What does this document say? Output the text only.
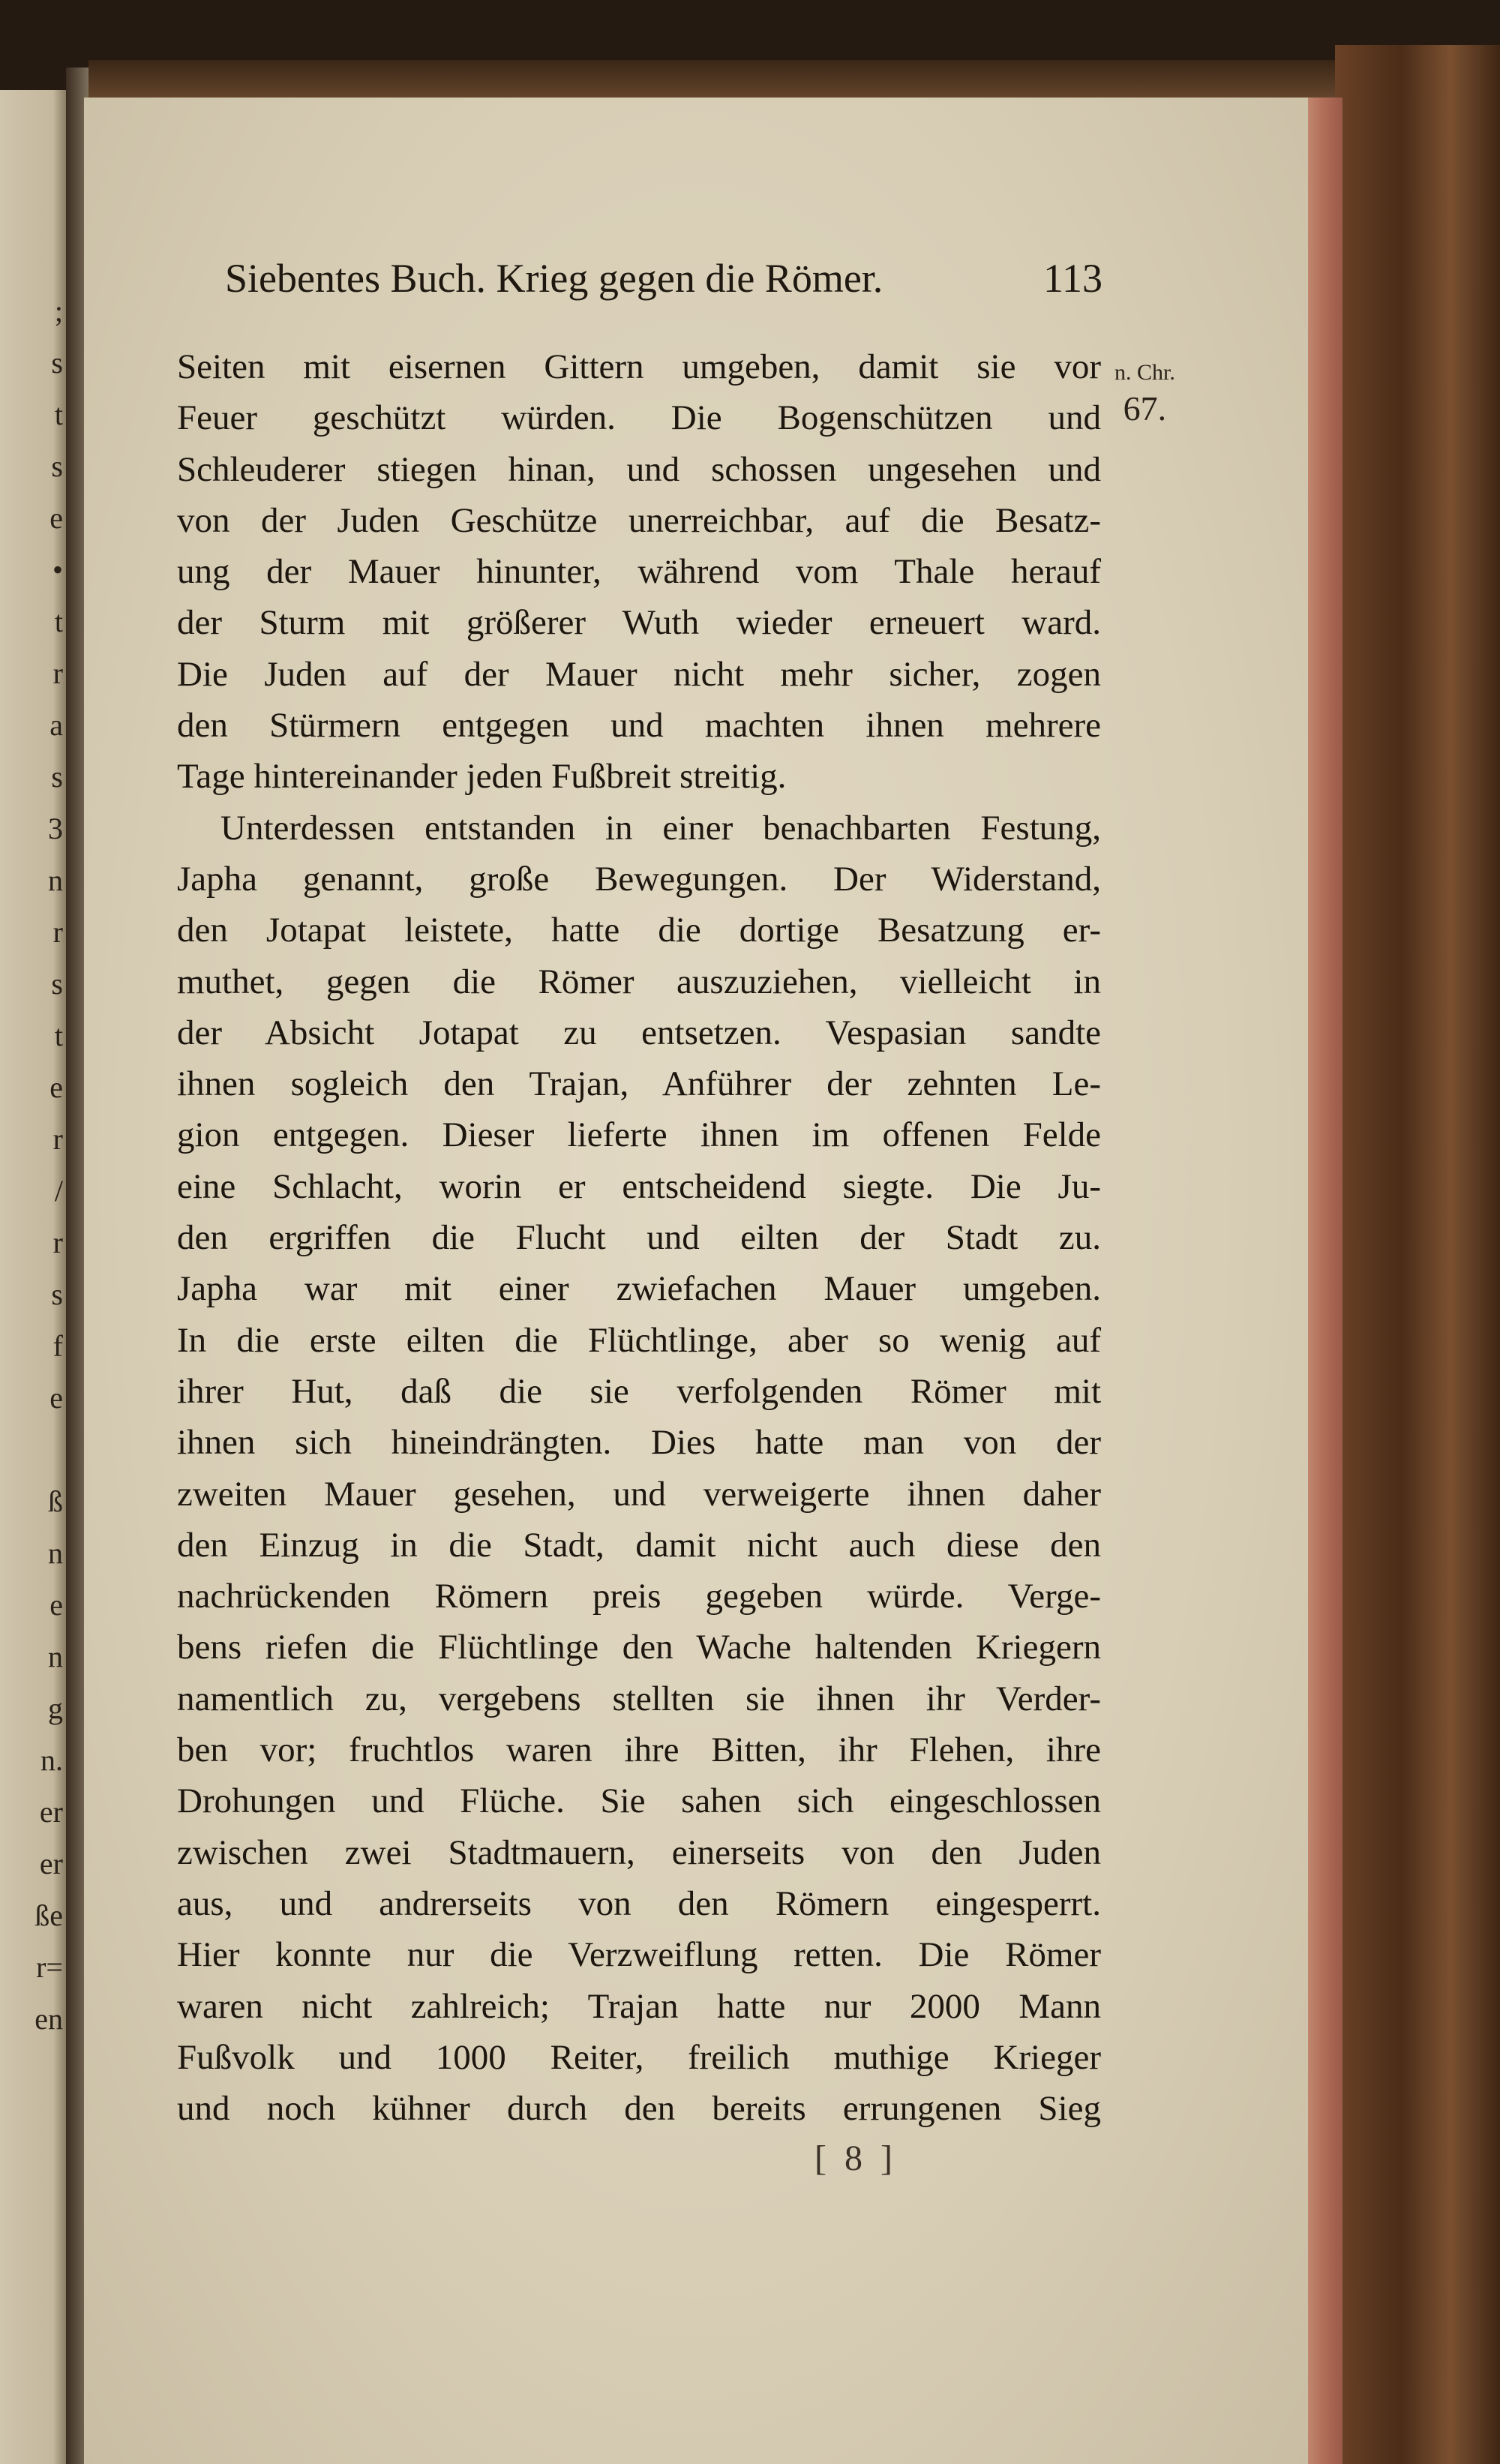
;
s
t
s
e
•
t
r
a
s
3
n
r
s
t
e
r
/
r
s
f
e
ß
n
e
n
g
n.
er
er
ße
r=
en
Siebentes Buch. Krieg gegen die Römer.	113
n. Chr.
67.
Seiten mit eisernen Gittern umgeben, damit sie vor
Feuer geschützt würden. Die Bogenschützen und
Schleuderer stiegen hinan, und schossen ungesehen und
von der Juden Geschütze unerreichbar, auf die Besatz-
ung der Mauer hinunter, während vom Thale herauf
der Sturm mit größerer Wuth wieder erneuert ward.
Die Juden auf der Mauer nicht mehr sicher, zogen
den Stürmern entgegen und machten ihnen mehrere
Tage hintereinander jeden Fußbreit streitig.
Unterdessen entstanden in einer benachbarten Festung,
Japha genannt, große Bewegungen. Der Widerstand,
den Jotapat leistete, hatte die dortige Besatzung er-
muthet, gegen die Römer auszuziehen, vielleicht in
der Absicht Jotapat zu entsetzen. Vespasian sandte
ihnen sogleich den Trajan, Anführer der zehnten Le-
gion entgegen. Dieser lieferte ihnen im offenen Felde
eine Schlacht, worin er entscheidend siegte. Die Ju-
den ergriffen die Flucht und eilten der Stadt zu.
Japha war mit einer zwiefachen Mauer umgeben.
In die erste eilten die Flüchtlinge, aber so wenig auf
ihrer Hut, daß die sie verfolgenden Römer mit
ihnen sich hineindrängten. Dies hatte man von der
zweiten Mauer gesehen, und verweigerte ihnen daher
den Einzug in die Stadt, damit nicht auch diese den
nachrückenden Römern preis gegeben würde. Verge-
bens riefen die Flüchtlinge den Wache haltenden Kriegern
namentlich zu, vergebens stellten sie ihnen ihr Verder-
ben vor; fruchtlos waren ihre Bitten, ihr Flehen, ihre
Drohungen und Flüche. Sie sahen sich eingeschlossen
zwischen zwei Stadtmauern, einerseits von den Juden
aus, und andrerseits von den Römern eingesperrt.
Hier konnte nur die Verzweiflung retten. Die Römer
waren nicht zahlreich; Trajan hatte nur 2000 Mann
Fußvolk und 1000 Reiter, freilich muthige Krieger
und noch kühner durch den bereits errungenen Sieg
[ 8 ]
